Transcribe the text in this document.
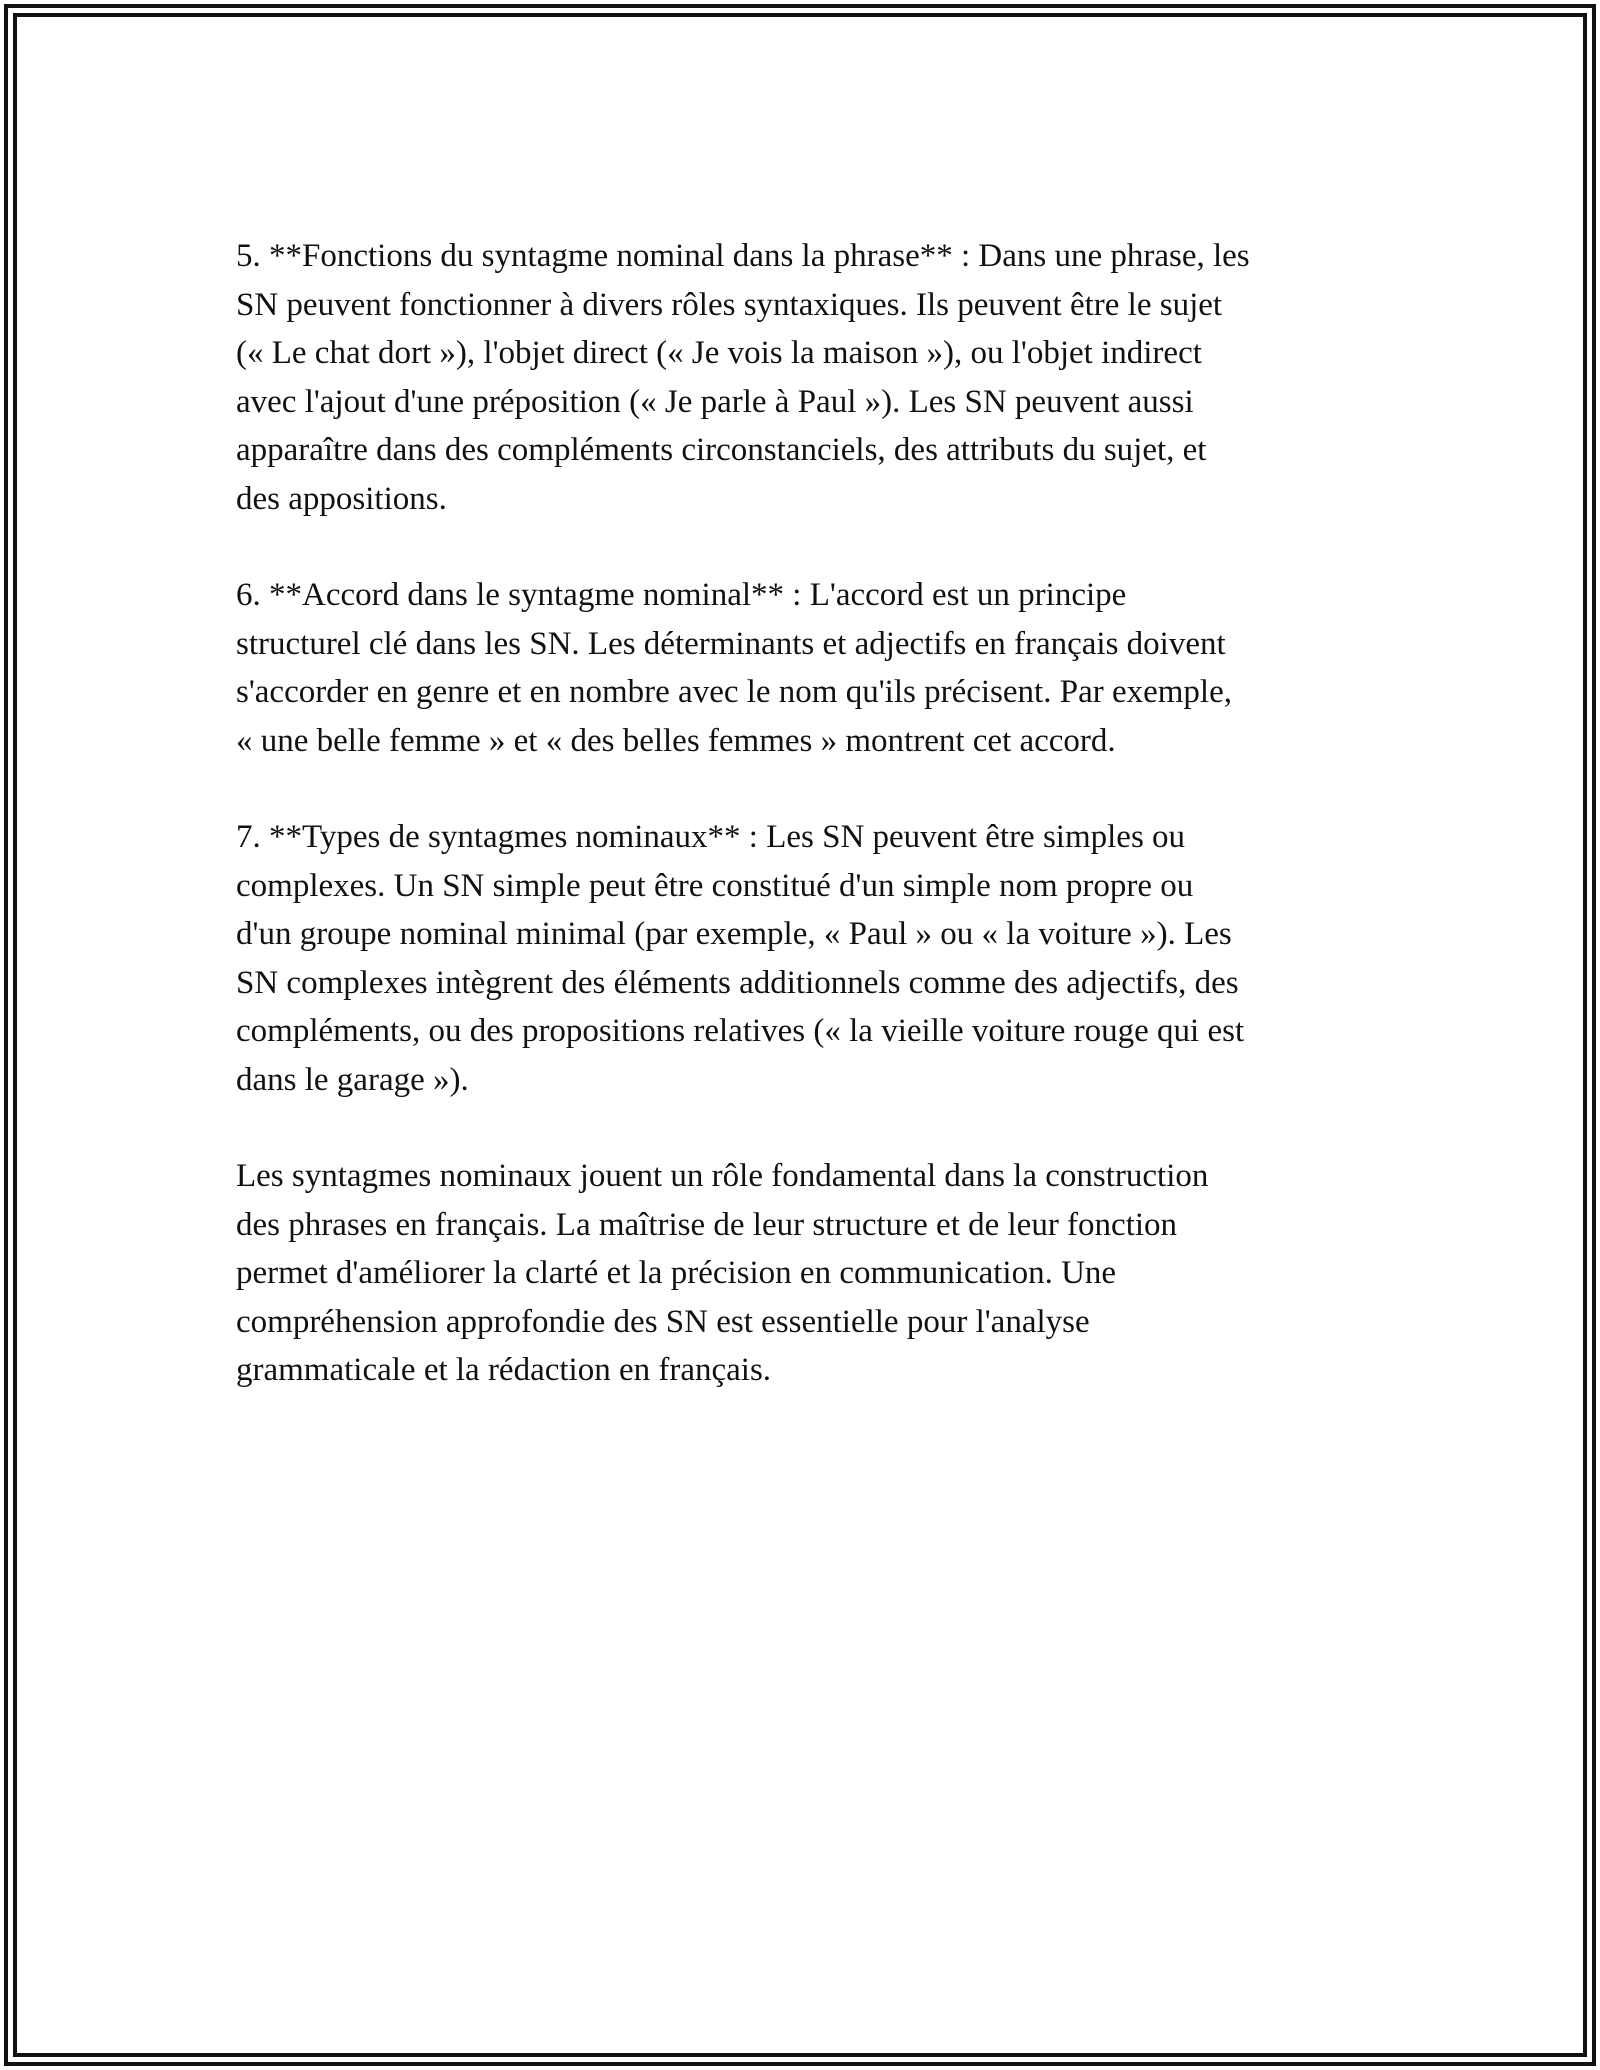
5. **Fonctions du syntagme nominal dans la phrase** : Dans une phrase, les
SN peuvent fonctionner à divers rôles syntaxiques. Ils peuvent être le sujet
(« Le chat dort »), l'objet direct (« Je vois la maison »), ou l'objet indirect
avec l'ajout d'une préposition (« Je parle à Paul »). Les SN peuvent aussi
apparaître dans des compléments circonstanciels, des attributs du sujet, et
des appositions.

6. **Accord dans le syntagme nominal** : L'accord est un principe
structurel clé dans les SN. Les déterminants et adjectifs en français doivent
s'accorder en genre et en nombre avec le nom qu'ils précisent. Par exemple,
« une belle femme » et « des belles femmes » montrent cet accord.

7. **Types de syntagmes nominaux** : Les SN peuvent être simples ou
complexes. Un SN simple peut être constitué d'un simple nom propre ou
d'un groupe nominal minimal (par exemple, « Paul » ou « la voiture »). Les
SN complexes intègrent des éléments additionnels comme des adjectifs, des
compléments, ou des propositions relatives (« la vieille voiture rouge qui est
dans le garage »).

Les syntagmes nominaux jouent un rôle fondamental dans la construction
des phrases en français. La maîtrise de leur structure et de leur fonction
permet d'améliorer la clarté et la précision en communication. Une
compréhension approfondie des SN est essentielle pour l'analyse
grammaticale et la rédaction en français.
